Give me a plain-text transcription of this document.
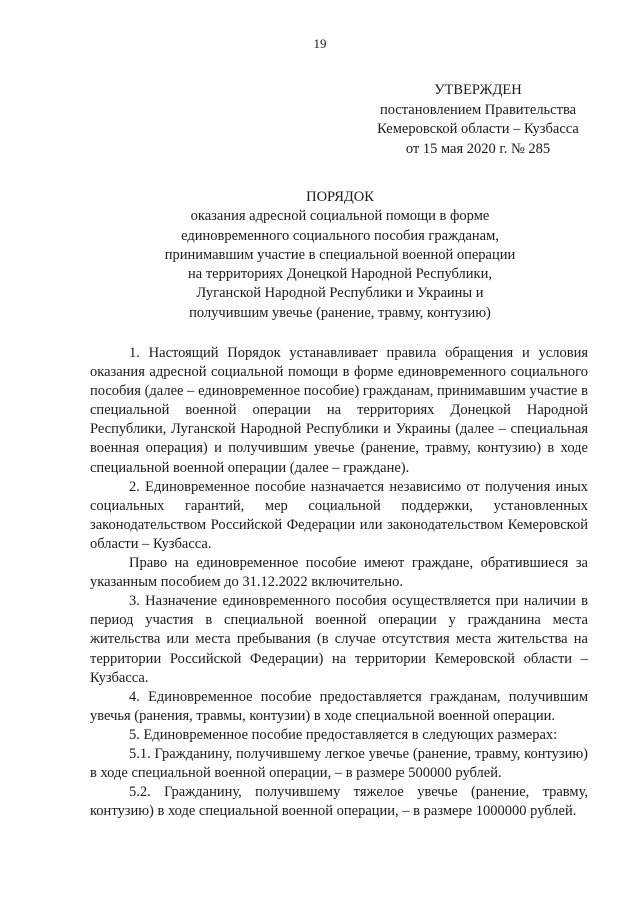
19
УТВЕРЖДЕН
постановлением Правительства
Кемеровской области – Кузбасса
от 15 мая 2020 г. № 285
ПОРЯДОК
оказания адресной социальной помощи в форме
единовременного социального пособия гражданам,
принимавшим участие в специальной военной операции
на территориях Донецкой Народной Республики,
Луганской Народной Республики и Украины и
получившим увечье (ранение, травму, контузию)

1. Настоящий Порядок устанавливает правила обращения и условия оказания адресной социальной помощи в форме единовременного социального пособия (далее – единовременное пособие) гражданам, принимавшим участие в специальной военной операции на территориях Донецкой Народной Республики, Луганской Народной Республики и Украины (далее – специальная военная операция) и получившим увечье (ранение, травму, контузию) в ходе специальной военной операции (далее – граждане).

2. Единовременное пособие назначается независимо от получения иных социальных гарантий, мер социальной поддержки, установленных законодательством Российской Федерации или законодательством Кемеровской области – Кузбасса.

Право на единовременное пособие имеют граждане, обратившиеся за указанным пособием до 31.12.2022 включительно.

3. Назначение единовременного пособия осуществляется при наличии в период участия в специальной военной операции у гражданина места жительства или места пребывания (в случае отсутствия места жительства на территории Российской Федерации) на территории Кемеровской области – Кузбасса.

4. Единовременное пособие предоставляется гражданам, получившим увечья (ранения, травмы, контузии) в ходе специальной военной операции.

5. Единовременное пособие предоставляется в следующих размерах:

5.1. Гражданину, получившему легкое увечье (ранение, травму, контузию) в ходе специальной военной операции, – в размере 500000 рублей.

5.2. Гражданину, получившему тяжелое увечье (ранение, травму, контузию) в ходе специальной военной операции, – в размере 1000000 рублей.
